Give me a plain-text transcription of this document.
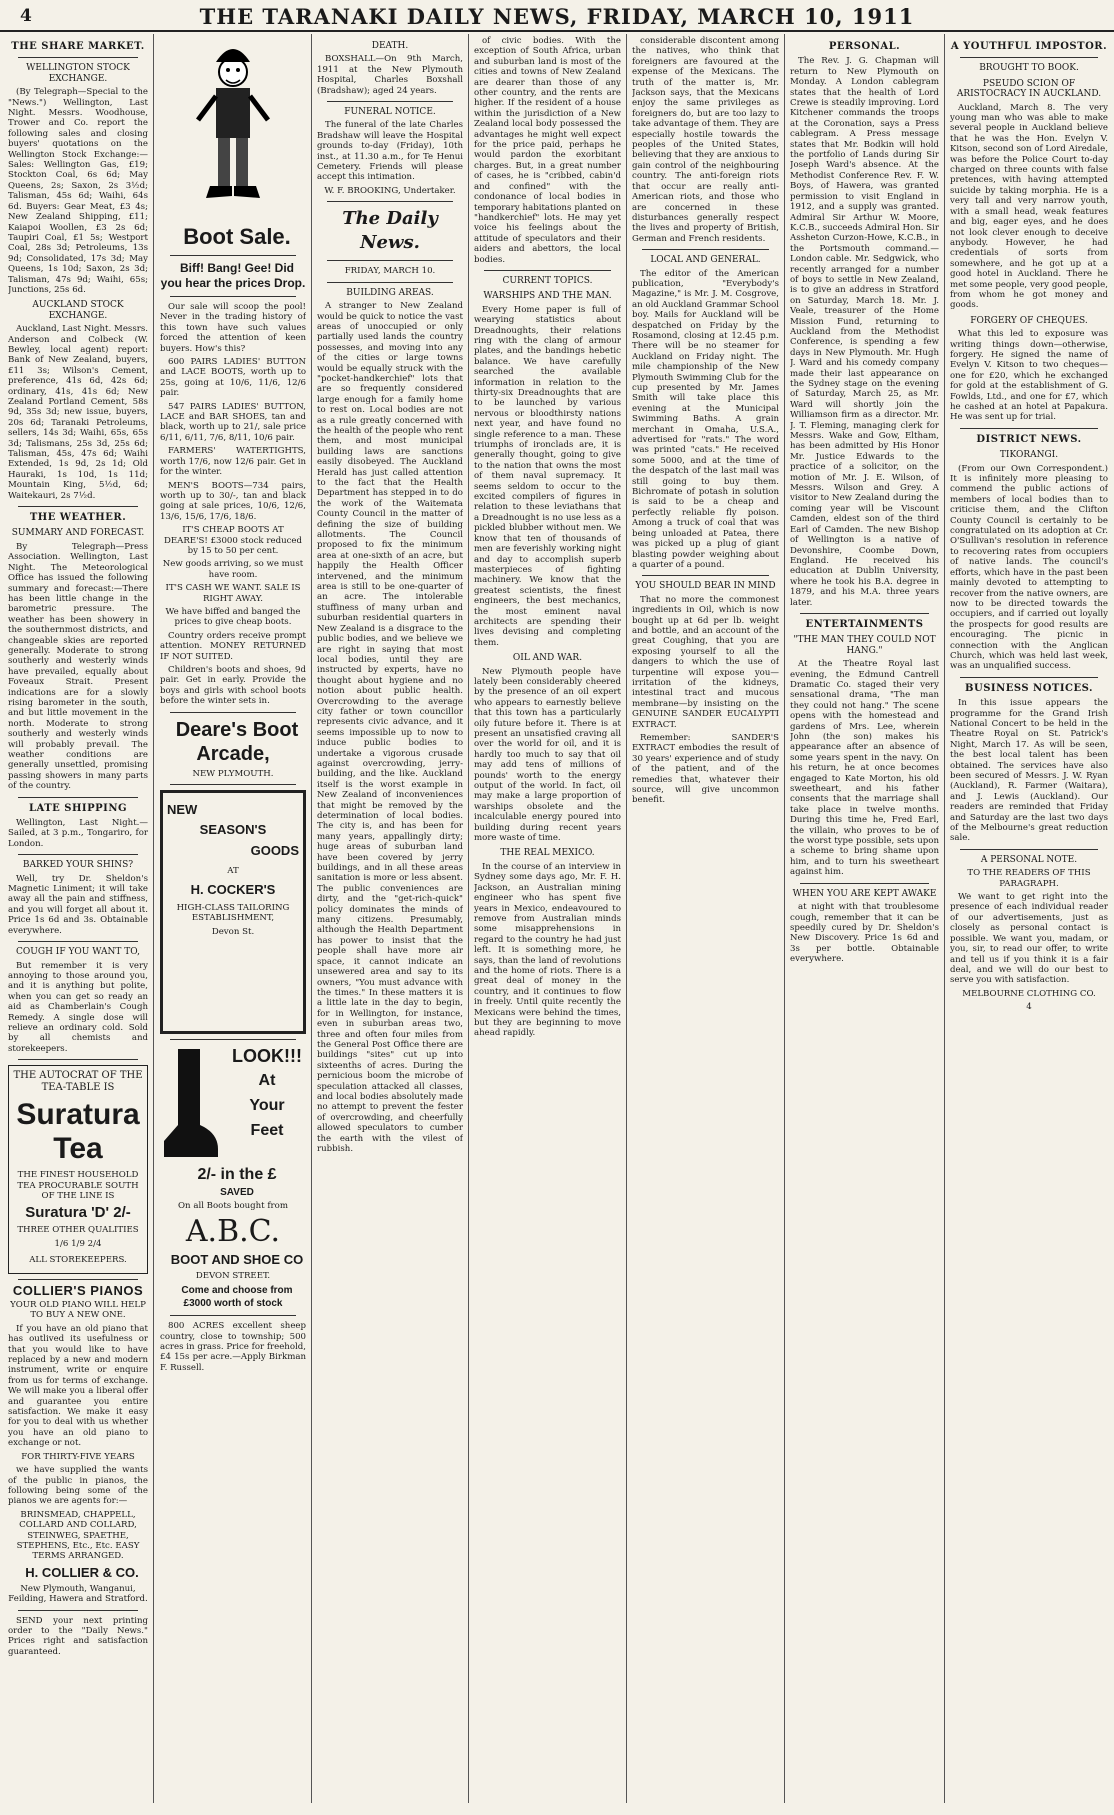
4	THE TARANAKI DAILY NEWS, FRIDAY, MARCH 10, 1911
THE SHARE MARKET.
WELLINGTON STOCK EXCHANGE.

(By Telegraph—Special to the "News.") Wellington, Last Night. Messrs. Woodhouse, Trower and Co. report the following sales and closing buyers' quotations on the Wellington Stock Exchange:—Sales: Wellington Gas, £19; Stockton Coal, 6s 6d; May Queens, 2s; Saxon, 2s 3½d; Talisman, 45s 6d; Waihi, 64s 6d. Buyers: Gear Meat, £3 4s; New Zealand Shipping, £11; Kaiapoi Woollen, £3 2s 6d; Taupiri Coal, £1 5s; Westport Coal, 28s 3d; Petroleums, 13s 9d; Consolidated, 17s 3d; May Queens, 1s 10d; Saxon, 2s 3d; Talisman, 47s 9d; Waihi, 65s; Junctions, 25s 6d.

AUCKLAND STOCK EXCHANGE.

Auckland, Last Night. Messrs. Anderson and Colbeck (W. Bewley, local agent) report: Bank of New Zealand, buyers, £11 3s; Wilson's Cement, preference, 41s 6d, 42s 6d; ordinary, 41s, 41s 6d; New Zealand Portland Cement, 58s 9d, 35s 3d; new issue, buyers, 20s 6d; Taranaki Petroleums, sellers, 14s 3d; Waihi, 65s, 65s 3d; Talismans, 25s 3d, 25s 6d; Talisman, 45s, 47s 6d; Waihi Extended, 1s 9d, 2s 1d; Old Hauraki, 1s 10d, 1s 11d; Mountain King, 5½d, 6d; Waitekauri, 2s 7½d.

THE WEATHER.
SUMMARY AND FORECAST.

By Telegraph—Press Association. Wellington, Last Night. The Meteorological Office has issued the following summary and forecast:—There has been little change in the barometric pressure. The weather has been showery in the southernmost districts, and changeable skies are reported generally. Moderate to strong southerly and westerly winds have prevailed, equally about Foveaux Strait. Present indications are for a slowly rising barometer in the south, and but little movement in the north. Moderate to strong southerly and westerly winds will probably prevail. The weather conditions are generally unsettled, promising passing showers in many parts of the country.

LATE SHIPPING

Wellington, Last Night.—Sailed, at 3 p.m., Tongariro, for London.

BARKED YOUR SHINS?

Well, try Dr. Sheldon's Magnetic Liniment; it will take away all the pain and stiffness, and you will forget all about it. Price 1s 6d and 3s. Obtainable everywhere.

COUGH IF YOU WANT TO,

But remember it is very annoying to those around you, and it is anything but polite, when you can get so ready an aid as Chamberlain's Cough Remedy. A single dose will relieve an ordinary cold. Sold by all chemists and storekeepers.

THE AUTOCRAT OF THE TEA-TABLE IS

Suratura Tea

THE FINEST HOUSEHOLD TEA PROCURABLE SOUTH OF THE LINE IS

Suratura 'D' 2/-

THREE OTHER QUALITIES

1/6 1/9 2/4

ALL STOREKEEPERS.

COLLIER'S PIANOS

YOUR OLD PIANO WILL HELP TO BUY A NEW ONE.

If you have an old piano that has outlived its usefulness or that you would like to have replaced by a new and modern instrument, write or enquire from us for terms of exchange. We will make you a liberal offer and guarantee you entire satisfaction. We make it easy for you to deal with us whether you have an old piano to exchange or not.

FOR THIRTY-FIVE YEARS

we have supplied the wants of the public in pianos, the following being some of the pianos we are agents for:—

BRINSMEAD, CHAPPELL, COLLARD AND COLLARD, STEINWEG, SPAETHE, STEPHENS, Etc., Etc. EASY TERMS ARRANGED.

H. COLLIER & CO.

New Plymouth, Wanganui, Feilding, Hawera and Stratford.

SEND your next printing order to the "Daily News." Prices right and satisfaction guaranteed.

Boot Sale.

Biff! Bang! Gee! Did you hear the prices Drop.

Our sale will scoop the pool! Never in the trading history of this town have such values forced the attention of keen buyers. How's this?

600 PAIRS LADIES' BUTTON and LACE BOOTS, worth up to 25s, going at 10/6, 11/6, 12/6 pair.

547 PAIRS LADIES' BUTTON, LACE and BAR SHOES, tan and black, worth up to 21/, sale price 6/11, 6/11, 7/6, 8/11, 10/6 pair.

FARMERS' WATERTIGHTS, worth 17/6, now 12/6 pair. Get in for the winter.

MEN'S BOOTS—734 pairs, worth up to 30/-, tan and black going at sale prices, 10/6, 12/6, 13/6, 15/6, 17/6, 18/6.

IT'S CHEAP BOOTS AT DEARE'S! £3000 stock reduced by 15 to 50 per cent.

New goods arriving, so we must have room.

IT'S CASH WE WANT. SALE IS RIGHT AWAY.

We have biffed and banged the prices to give cheap boots.

Country orders receive prompt attention. MONEY RETURNED IF NOT SUITED.

Children's boots and shoes, 9d pair. Get in early. Provide the boys and girls with school boots before the winter sets in.

Deare's Boot Arcade,

NEW PLYMOUTH.

NEW

SEASON'S

GOODS

AT

H. COCKER'S

HIGH-CLASS TAILORING ESTABLISHMENT,

Devon St.

LOOK!!!

At

Your

Feet

2/- in the £

SAVED

On all Boots bought from

A.B.C.

BOOT AND SHOE CO

DEVON STREET.

Come and choose from £3000 worth of stock

800 ACRES excellent sheep country, close to township; 500 acres in grass. Price for freehold, £4 15s per acre.—Apply Birkman F. Russell.

DEATH.

BOXSHALL—On 9th March, 1911 at the New Plymouth Hospital, Charles Boxshall (Bradshaw); aged 24 years.

FUNERAL NOTICE.

The funeral of the late Charles Bradshaw will leave the Hospital grounds to-day (Friday), 10th inst., at 11.30 a.m., for Te Henui Cemetery. Friends will please accept this intimation.

W. F. BROOKING, Undertaker.

The Daily News.

FRIDAY, MARCH 10.

BUILDING AREAS.

A stranger to New Zealand would be quick to notice the vast areas of unoccupied or only partially used lands the country possesses, and moving into any of the cities or large towns would be equally struck with the "pocket-handkerchief" lots that are so frequently considered large enough for a family home to rest on. Local bodies are not as a rule greatly concerned with the health of the people who rent them, and most municipal building laws are sanctions easily disobeyed. The Auckland Herald has just called attention to the fact that the Health Department has stepped in to do the work of the Waitemata County Council in the matter of defining the size of building allotments. The Council proposed to fix the minimum area at one-sixth of an acre, but happily the Health Officer intervened, and the minimum area is still to be one-quarter of an acre. The intolerable stuffiness of many urban and suburban residential quarters in New Zealand is a disgrace to the public bodies, and we believe we are right in saying that most local bodies, until they are instructed by experts, have no thought about hygiene and no notion about public health. Overcrowding to the average city father or town councillor represents civic advance, and it seems impossible up to now to induce public bodies to undertake a vigorous crusade against overcrowding, jerry-building, and the like. Auckland itself is the worst example in New Zealand of inconveniences that might be removed by the determination of local bodies. The city is, and has been for many years, appallingly dirty; huge areas of suburban land have been covered by jerry buildings, and in all these areas sanitation is more or less absent. The public conveniences are dirty, and the "get-rich-quick" policy dominates the minds of many citizens. Presumably, although the Health Department has power to insist that the people shall have more air space, it cannot indicate an unsewered area and say to its owners, "You must advance with the times." In these matters it is a little late in the day to begin, for in Wellington, for instance, even in suburban areas two, three and often four miles from the General Post Office there are buildings "sites" cut up into sixteenths of acres. During the pernicious boom the microbe of speculation attacked all classes, and local bodies absolutely made no attempt to prevent the fester of overcrowding, and cheerfully allowed speculators to cumber the earth with the vilest of rubbish.

of civic bodies. With the exception of South Africa, urban and suburban land is most of the cities and towns of New Zealand are dearer than those of any other country, and the rents are higher. If the resident of a house within the jurisdiction of a New Zealand local body possessed the advantages he might well expect for the price paid, perhaps he would pardon the exorbitant charges. But, in a great number of cases, he is "cribbed, cabin'd and confined" with the condonance of local bodies in temporary habitations planted on "handkerchief" lots. He may yet voice his feelings about the attitude of speculators and their aiders and abettors, the local bodies.

CURRENT TOPICS.
WARSHIPS AND THE MAN.

Every Home paper is full of wearying statistics about Dreadnoughts, their relations ring with the clang of armour plates, and the bandings hebetic balance. We have carefully searched the available information in relation to the thirty-six Dreadnoughts that are to be launched by various nervous or bloodthirsty nations next year, and have found no single reference to a man. These triumphs of ironclads are, it is generally thought, going to give to the nation that owns the most of them naval supremacy. It seems seldom to occur to the excited compilers of figures in relation to these leviathans that a Dreadnought is no use less as a pickled blubber without men. We know that ten of thousands of men are feverishly working night and day to accomplish superb masterpieces of fighting machinery. We know that the greatest scientists, the finest engineers, the best mechanics, the most eminent naval architects are spending their lives devising and completing them.

OIL AND WAR.

New Plymouth people have lately been considerably cheered by the presence of an oil expert who appears to earnestly believe that this town has a particularly oily future before it. There is at present an unsatisfied craving all over the world for oil, and it is hardly too much to say that oil may add tens of millions of pounds' worth to the energy output of the world. In fact, oil may make a large proportion of warships obsolete and the incalculable energy poured into building during recent years more waste of time.

THE REAL MEXICO.

In the course of an interview in Sydney some days ago, Mr. F. H. Jackson, an Australian mining engineer who has spent five years in Mexico, endeavoured to remove from Australian minds some misapprehensions in regard to the country he had just left. It is something more, he says, than the land of revolutions and the home of riots. There is a great deal of money in the country, and it continues to flow in freely. Until quite recently the Mexicans were behind the times, but they are beginning to move ahead rapidly.

considerable discontent among the natives, who think that foreigners are favoured at the expense of the Mexicans. The truth of the matter is, Mr. Jackson says, that the Mexicans enjoy the same privileges as foreigners do, but are too lazy to take advantage of them. They are especially hostile towards the peoples of the United States, believing that they are anxious to gain control of the neighbouring country. The anti-foreign riots that occur are really anti-American riots, and those who are concerned in these disturbances generally respect the lives and property of British, German and French residents.

LOCAL AND GENERAL.

The editor of the American publication, "Everybody's Magazine," is Mr. J. M. Cosgrove, an old Auckland Grammar School boy. Mails for Auckland will be despatched on Friday by the Rosamond, closing at 12.45 p.m. There will be no steamer for Auckland on Friday night. The mile championship of the New Plymouth Swimming Club for the cup presented by Mr. James Smith will take place this evening at the Municipal Swimming Baths. A grain merchant in Omaha, U.S.A., advertised for "rats." The word was printed "cats." He received some 5000, and at the time of the despatch of the last mail was still going to buy them. Bichromate of potash in solution is said to be a cheap and perfectly reliable fly poison. Among a truck of coal that was being unloaded at Patea, there was picked up a plug of giant blasting powder weighing about a quarter of a pound.

YOU SHOULD BEAR IN MIND

That no more the commonest ingredients in Oil, which is now bought up at 6d per lb. weight and bottle, and an account of the great Coughing, that you are exposing yourself to all the dangers to which the use of turpentine will expose you—irritation of the kidneys, intestinal tract and mucous membrane—by insisting on the GENUINE SANDER EUCALYPTI EXTRACT.

Remember: SANDER'S EXTRACT embodies the result of 30 years' experience and of study of the patient, and of the remedies that, whatever their source, will give uncommon benefit.

PERSONAL.

The Rev. J. G. Chapman will return to New Plymouth on Monday. A London cablegram states that the health of Lord Crewe is steadily improving. Lord Kitchener commands the troops at the Coronation, says a Press cablegram. A Press message states that Mr. Bodkin will hold the portfolio of Lands during Sir Joseph Ward's absence. At the Methodist Conference Rev. F. W. Boys, of Hawera, was granted permission to visit England in 1912, and a supply was granted. Admiral Sir Arthur W. Moore, K.C.B., succeeds Admiral Hon. Sir Assheton Curzon-Howe, K.C.B., in the Portsmouth command.—London cable. Mr. Sedgwick, who recently arranged for a number of boys to settle in New Zealand, is to give an address in Stratford on Saturday, March 18. Mr. J. Veale, treasurer of the Home Mission Fund, returning to Auckland from the Methodist Conference, is spending a few days in New Plymouth. Mr. Hugh J. Ward and his comedy company made their last appearance on the Sydney stage on the evening of Saturday, March 25, as Mr. Ward will shortly join the Williamson firm as a director. Mr. J. T. Fleming, managing clerk for Messrs. Wake and Gow, Eltham, has been admitted by His Honor Mr. Justice Edwards to the practice of a solicitor, on the motion of Mr. J. E. Wilson, of Messrs. Wilson and Grey. A visitor to New Zealand during the coming year will be Viscount Camden, eldest son of the third Earl of Camden. The new Bishop of Wellington is a native of Devonshire, Coombe Down, England. He received his education at Dublin University, where he took his B.A. degree in 1879, and his M.A. three years later.

ENTERTAINMENTS
"THE MAN THEY COULD NOT HANG."

At the Theatre Royal last evening, the Edmund Cantrell Dramatic Co. staged their very sensational drama, "The man they could not hang." The scene opens with the homestead and gardens of Mrs. Lee, wherein John (the son) makes his appearance after an absence of some years spent in the navy. On his return, he at once becomes engaged to Kate Morton, his old sweetheart, and his father consents that the marriage shall take place in twelve months. During this time he, Fred Earl, the villain, who proves to be of the worst type possible, sets upon a scheme to bring shame upon him, and to turn his sweetheart against him.

WHEN YOU ARE KEPT AWAKE

at night with that troublesome cough, remember that it can be speedily cured by Dr. Sheldon's New Discovery. Price 1s 6d and 3s per bottle. Obtainable everywhere.

A YOUTHFUL IMPOSTOR.
BROUGHT TO BOOK.
PSEUDO SCION OF ARISTOCRACY IN AUCKLAND.

Auckland, March 8. The very young man who was able to make several people in Auckland believe that he was the Hon. Evelyn V. Kitson, second son of Lord Airedale, was before the Police Court to-day charged on three counts with false pretences, with having attempted suicide by taking morphia. He is a very tall and very narrow youth, with a small head, weak features and big, eager eyes, and he does not look clever enough to deceive anybody. However, he had credentials of sorts from somewhere, and he got up at a good hotel in Auckland. There he met some people, very good people, from whom he got money and goods.

FORGERY OF CHEQUES.

What this led to exposure was writing things down—otherwise, forgery. He signed the name of Evelyn V. Kitson to two cheques—one for £20, which he exchanged for gold at the establishment of G. Fowlds, Ltd., and one for £7, which he cashed at an hotel at Papakura. He was sent up for trial.

DISTRICT NEWS.
TIKORANGI.

(From our Own Correspondent.) It is infinitely more pleasing to commend the public actions of members of local bodies than to criticise them, and the Clifton County Council is certainly to be congratulated on its adoption at Cr. O'Sullivan's resolution in reference to recovering rates from occupiers of native lands. The council's efforts, which have in the past been mainly devoted to attempting to recover from the native owners, are now to be directed towards the occupiers, and if carried out loyally the prospects for good results are encouraging. The picnic in connection with the Anglican Church, which was held last week, was an unqualified success.

BUSINESS NOTICES.

In this issue appears the programme for the Grand Irish National Concert to be held in the Theatre Royal on St. Patrick's Night, March 17. As will be seen, the best local talent has been obtained. The services have also been secured of Messrs. J. W. Ryan (Auckland), R. Farmer (Waitara), and J. Lewis (Auckland). Our readers are reminded that Friday and Saturday are the last two days of the Melbourne's great reduction sale.

A PERSONAL NOTE.

TO THE READERS OF THIS PARAGRAPH.

We want to get right into the presence of each individual reader of our advertisements, just as closely as personal contact is possible. We want you, madam, or you, sir, to read our offer, to write and tell us if you think it is a fair deal, and we will do our best to serve you with satisfaction.

MELBOURNE CLOTHING CO.

4
